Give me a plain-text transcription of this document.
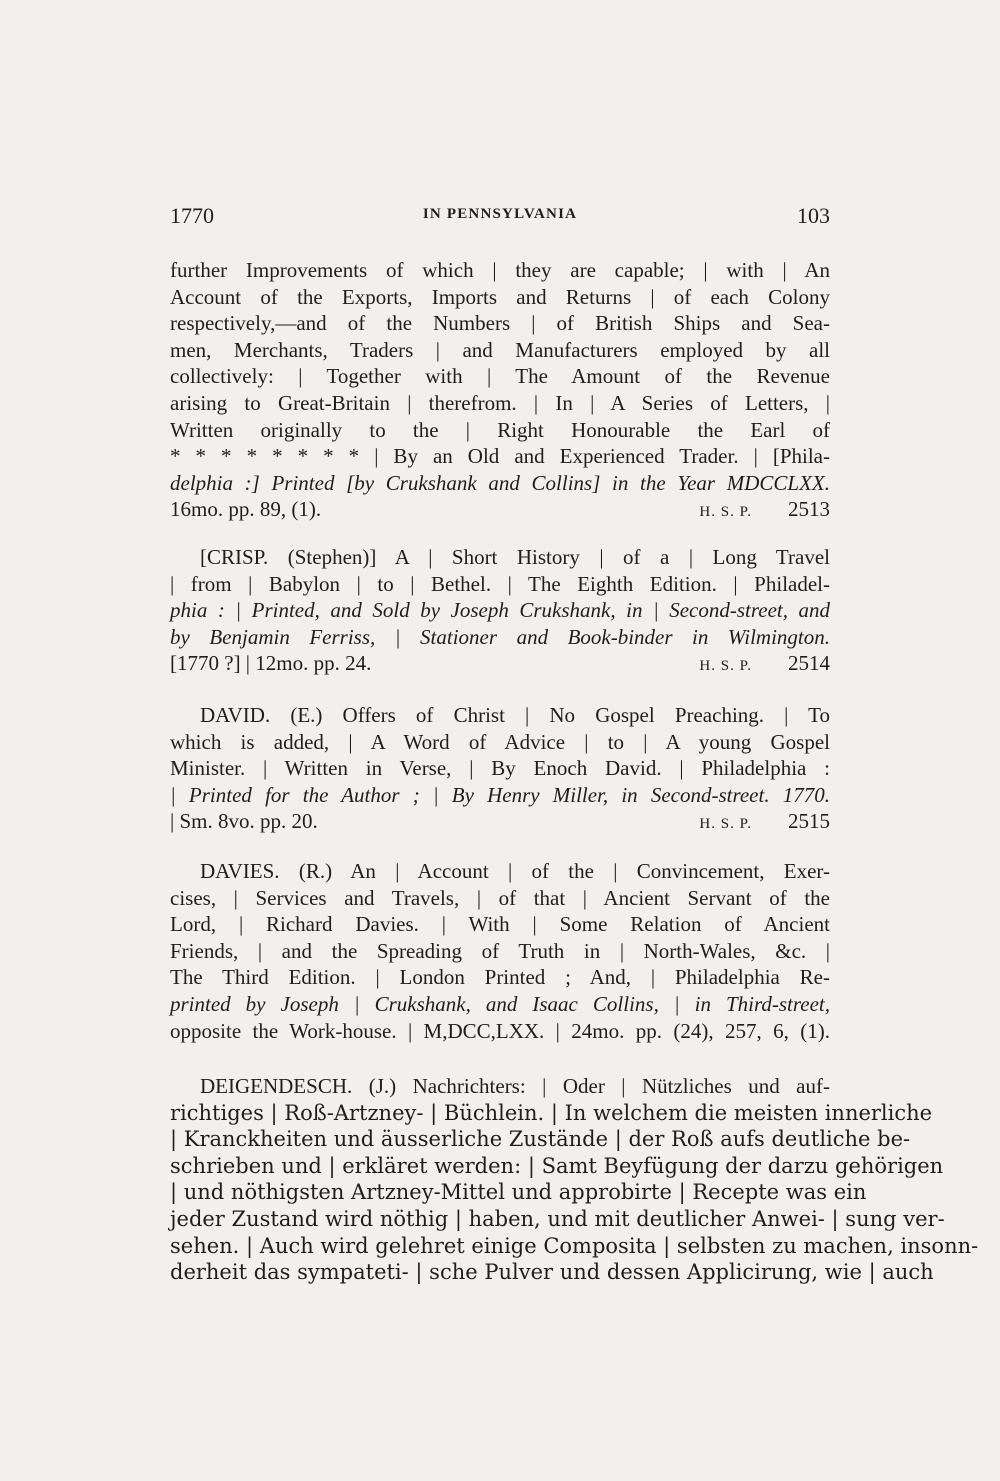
1770	IN PENNSYLVANIA	103
further Improvements of which | they are capable; | with | An
Account of the Exports, Imports and Returns | of each Colony
respectively,—and of the Numbers | of British Ships and Sea-
men, Merchants, Traders | and Manufacturers employed by all
collectively: | Together with | The Amount of the Revenue
arising to Great-Britain | therefrom. | In | A Series of Letters, |
Written originally to the | Right Honourable the Earl of
* * * * * * * * | By an Old and Experienced Trader. | [Phila-
delphia :] Printed [by Crukshank and Collins] in the Year MDCCLXX.
16mo. pp. 89, (1).	H. S. P. 2513
[CRISP. (Stephen)] A | Short History | of a | Long Travel
| from | Babylon | to | Bethel. | The Eighth Edition. | Philadel-
phia : | Printed, and Sold by Joseph Crukshank, in | Second-street, and
by Benjamin Ferriss, | Stationer and Book-binder in Wilmington.
[1770 ?] | 12mo. pp. 24.	H. S. P. 2514
DAVID. (E.) Offers of Christ | No Gospel Preaching. | To
which is added, | A Word of Advice | to | A young Gospel
Minister. | Written in Verse, | By Enoch David. | Philadelphia :
| Printed for the Author ; | By Henry Miller, in Second-street. 1770.
| Sm. 8vo. pp. 20.	H. S. P. 2515
DAVIES. (R.) An | Account | of the | Convincement, Exer-
cises, | Services and Travels, | of that | Ancient Servant of the
Lord, | Richard Davies. | With | Some Relation of Ancient
Friends, | and the Spreading of Truth in | North-Wales, &c. |
The Third Edition. | London Printed ; And, | Philadelphia Re-
printed by Joseph | Crukshank, and Isaac Collins, | in Third-street,
opposite the Work-house. | M,DCC,LXX. | 24mo. pp. (24), 257, 6, (1).
DEIGENDESCH. (J.) Nachrichters: | Oder | Nützliches und auf-
richtiges | Roß-Artzney- | Büchlein. | In welchem die meisten innerliche
| Kranckheiten und äusserliche Zustände | der Roß aufs deutliche be-
schrieben und | erkläret werden: | Samt Beyfügung der darzu gehörigen
| und nöthigsten Artzney-Mittel und approbirte | Recepte was ein
jeder Zustand wird nöthig | haben, und mit deutlicher Anwei- | sung ver-
sehen. | Auch wird gelehret einige Composita | selbsten zu machen, insonn-
derheit das sympateti- | sche Pulver und dessen Applicirung, wie | auch
